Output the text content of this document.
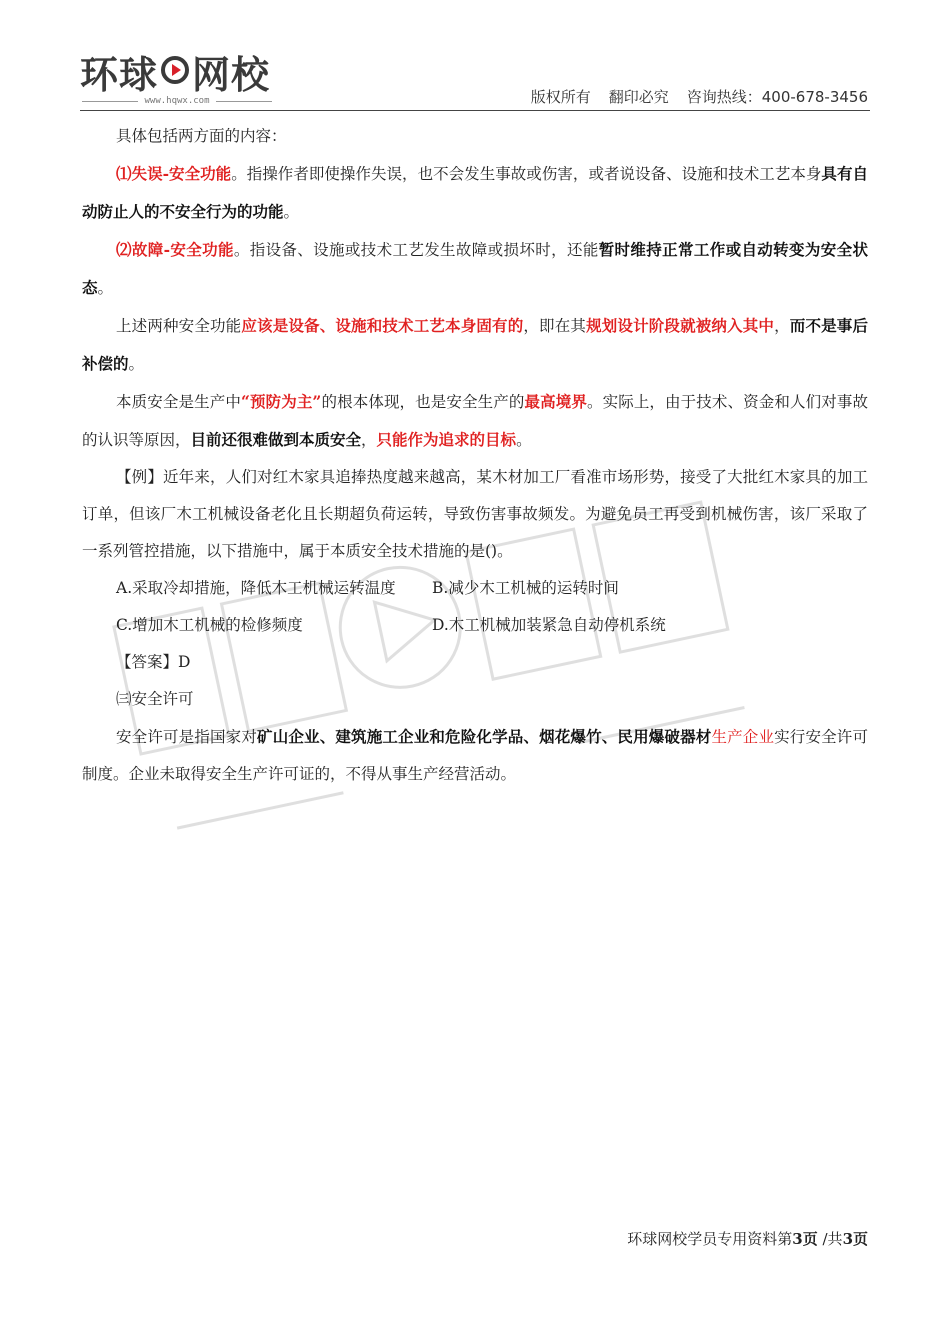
环球 网校
www.hqwx.com	版权所有 翻印必究 咨询热线：400-678-3456

具体包括两方面的内容：

⑴失误-安全功能。指操作者即使操作失误，也不会发生事故或伤害，或者说设备、设施和技术工艺本身具有自动防止人的不安全行为的功能。

⑵故障-安全功能。指设备、设施或技术工艺发生故障或损坏时，还能暂时维持正常工作或自动转变为安全状态。

上述两种安全功能应该是设备、设施和技术工艺本身固有的，即在其规划设计阶段就被纳入其中，而不是事后补偿的。

本质安全是生产中“预防为主”的根本体现，也是安全生产的最高境界。实际上，由于技术、资金和人们对事故的认识等原因，目前还很难做到本质安全，只能作为追求的目标。

【例】近年来，人们对红木家具追捧热度越来越高，某木材加工厂看准市场形势，接受了大批红木家具的加工订单，但该厂木工机械设备老化且长期超负荷运转，导致伤害事故频发。为避免员工再受到机械伤害，该厂采取了一系列管控措施，以下措施中，属于本质安全技术措施的是()。

A.采取冷却措施，降低木工机械运转温度	B.减少木工机械的运转时间
C.增加木工机械的检修频度	D.木工机械加装紧急自动停机系统

【答案】D

㈢安全许可

安全许可是指国家对矿山企业、建筑施工企业和危险化学品、烟花爆竹、民用爆破器材生产企业实行安全许可制度。企业未取得安全生产许可证的，不得从事生产经营活动。

环球网校学员专用资料第3页 /共3页
